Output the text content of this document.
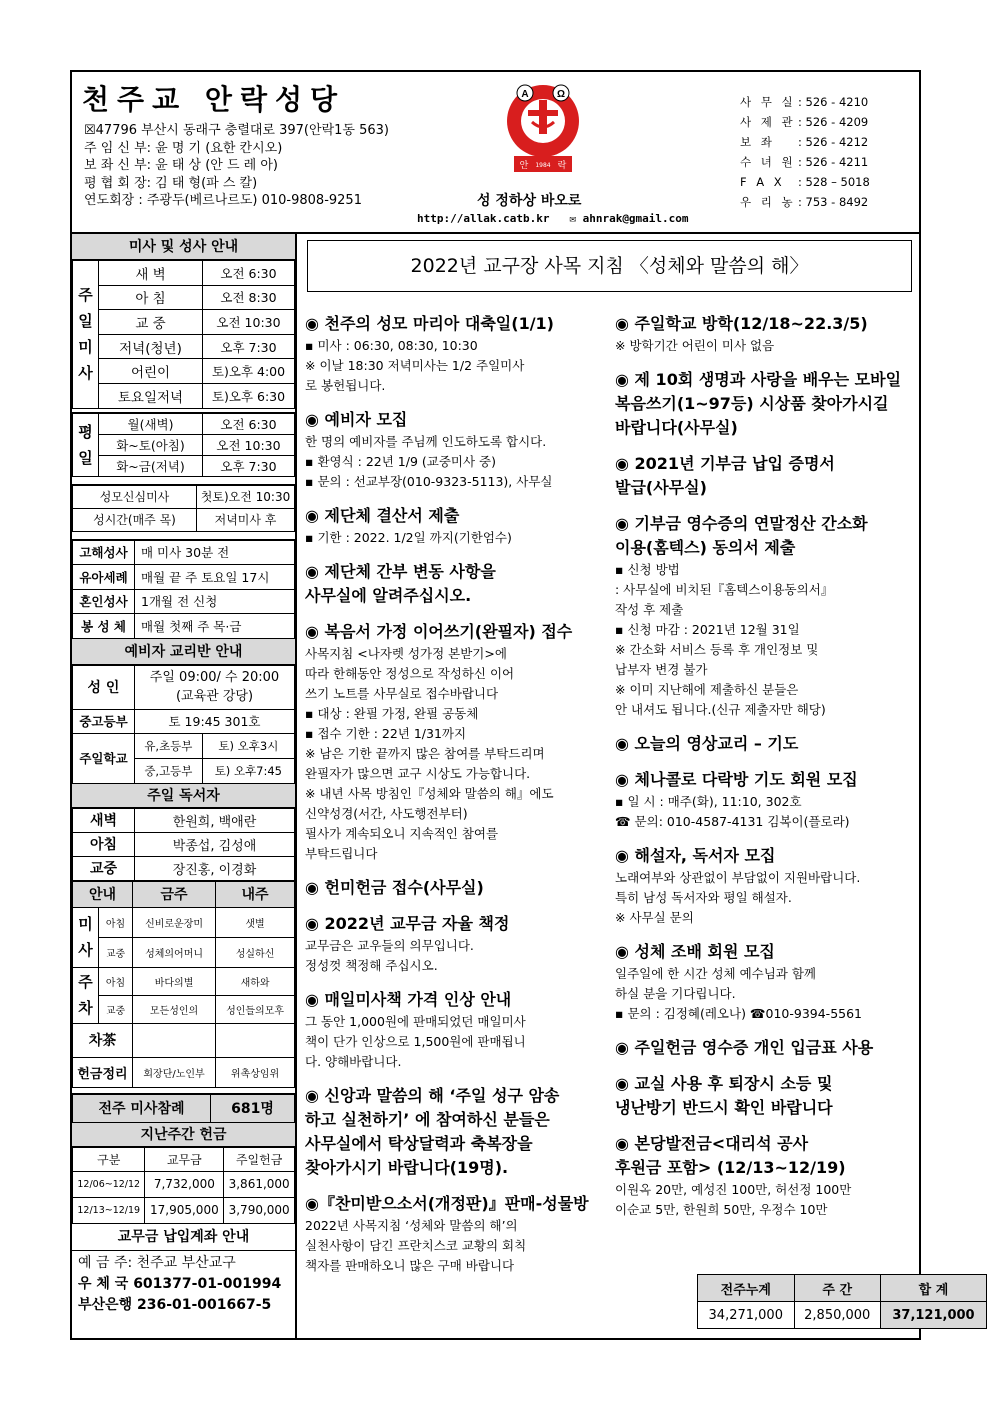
천주교 안락성당
☒47796 부산시 동래구 충렬대로 397(안락1동 563)
주 임 신 부: 윤 명 기 (요한 칸시오)
보 좌 신 부: 윤 태 상 (안 드 레 아)
평 협 회 장: 김 태 형(파 스 칼)
연도회장 : 주광두(베르나르도) 010-9808-9251
A	Ω
안 1984 락
성 정하상 바오로
http://allak.catb.kr ✉ ahnrak@gmail.com
사 무 실 : 526 - 4210
사 제 관 : 526 - 4209
보 좌 : 526 - 4212
수 녀 원 : 526 - 4211
F A X : 528 – 5018
우 리 농 : 753 - 8492
미사 및 성사 안내
주
일
미
사	새 벽	오전 6:30
	아 침	오전 8:30
	교 중	오전 10:30
	저녁(청년)	오후 7:30
	어린이	토)오후 4:00
	토요일저녁	토)오후 6:30
평
일	월(새벽)	오전 6:30
	화~토(아침)	오전 10:30
	화~금(저녁)	오후 7:30
성모신심미사	첫토)오전 10:30
성시간(매주 목)	저녁미사 후
고해성사	매 미사 30분 전
유아세례	매월 끝 주 토요일 17시
혼인성사	1개월 전 신청
봉 성 체	매월 첫째 주 목·금
예비자 교리반 안내
성 인	주일 09:00/ 수 20:00
(교육관 강당)	

중고등부	토 19:45 301호	
주일학교	유,초등부	토) 오후3시
	중,고등부	토) 오후7:45
주일 독서자
새벽	한원희, 백애란
아침	박종섭, 김성애
교중	장진홍, 이경화
안내		금주	내주

미
사	아침	신비로운장미	샛별
	교중	성체의어머니	성실하신

주
차	아침	바다의별	새하와
	교중	모든성인의	성인들의모후
차茶			
헌금정리		회장단/노인부	위촉상임위
전주 미사참례	681명
지난주간 헌금
구분	교무금	주일헌금
12/06~12/12	7,732,000	3,861,000
12/13~12/19	17,905,000	3,790,000
교무금 납입계좌 안내
예 금 주: 천주교 부산교구
우 체 국 601377-01-001994
부산은행 236-01-001667-5
2022년 교구장 사목 지침 〈성체와 말씀의 해〉
◉ 천주의 성모 마리아 대축일(1/1)
▪ 미사 : 06:30, 08:30, 10:30
※ 이날 18:30 저녁미사는 1/2 주일미사
로 봉헌됩니다.
◉ 예비자 모집
한 명의 예비자를 주님께 인도하도록 합시다.
▪ 환영식 : 22년 1/9 (교중미사 중)
▪ 문의 : 선교부장(010-9323-5113), 사무실
◉ 제단체 결산서 제출
▪ 기한 : 2022. 1/2일 까지(기한엄수)
◉ 제단체 간부 변동 사항을
사무실에 알려주십시오.
◉ 복음서 가정 이어쓰기(완필자) 접수
사목지침 <나자렛 성가정 본받기>에
따라 한해동안 정성으로 작성하신 이어
쓰기 노트를 사무실로 접수바랍니다
▪ 대상 : 완필 가정, 완필 공동체
▪ 접수 기한 : 22년 1/31까지
※ 남은 기한 끝까지 많은 참여를 부탁드리며
완필자가 많으면 교구 시상도 가능합니다.
※ 내년 사목 방침인『성체와 말씀의 해』에도
신약성경(서간, 사도행전부터)
필사가 계속되오니 지속적인 참여를
부탁드립니다
◉ 헌미헌금 접수(사무실)
◉ 2022년 교무금 자율 책정
교무금은 교우들의 의무입니다.
정성껏 책정해 주십시오.
◉ 매일미사책 가격 인상 안내
그 동안 1,000원에 판매되었던 매일미사
책이 단가 인상으로 1,500원에 판매됩니
다. 양해바랍니다.
◉ 신앙과 말씀의 해 ‘주일 성구 암송
하고 실천하기’ 에 참여하신 분들은
사무실에서 탁상달력과 축복장을
찾아가시기 바랍니다(19명).
◉『찬미받으소서(개정판)』판매-성물방
2022년 사목지침 ‘성체와 말씀의 해’의
실천사항이 담긴 프란치스코 교황의 회칙
책자를 판매하오니 많은 구매 바랍니다
◉ 주일학교 방학(12/18~22.3/5)
※ 방학기간 어린이 미사 없음
◉ 제 10회 생명과 사랑을 배우는 모바일
복음쓰기(1~97등) 시상품 찾아가시길
바랍니다(사무실)
◉ 2021년 기부금 납입 증명서
발급(사무실)
◉ 기부금 영수증의 연말정산 간소화
이용(홈텍스) 동의서 제출
▪ 신청 방법
: 사무실에 비치된『홈텍스이용동의서』
작성 후 제출
▪ 신청 마감 : 2021년 12월 31일
※ 간소화 서비스 등록 후 개인정보 및
납부자 변경 불가
※ 이미 지난해에 제출하신 분들은
안 내셔도 됩니다.(신규 제출자만 해당)
◉ 오늘의 영상교리 – 기도
◉ 체나콜로 다락방 기도 회원 모집
▪ 일 시 : 매주(화), 11:10, 302호
☎ 문의: 010-4587-4131 김복이(플로라)
◉ 해설자, 독서자 모집
노래여부와 상관없이 부담없이 지원바랍니다.
특히 남성 독서자와 평일 해설자.
※ 사무실 문의
◉ 성체 조배 회원 모집
일주일에 한 시간 성체 예수님과 함께
하실 분을 기다립니다.
▪ 문의 : 김정혜(레오나) ☎010-9394-5561
◉ 주일헌금 영수증 개인 입금표 사용
◉ 교실 사용 후 퇴장시 소등 및
냉난방기 반드시 확인 바랍니다
◉ 본당발전금<대리석 공사
후원금 포함> (12/13~12/19)
이원옥 20만, 예성진 100만, 허선정 100만
이순교 5만, 한원희 50만, 우정수 10만
전주누계	주 간	합 계
34,271,000	2,850,000	37,121,000
